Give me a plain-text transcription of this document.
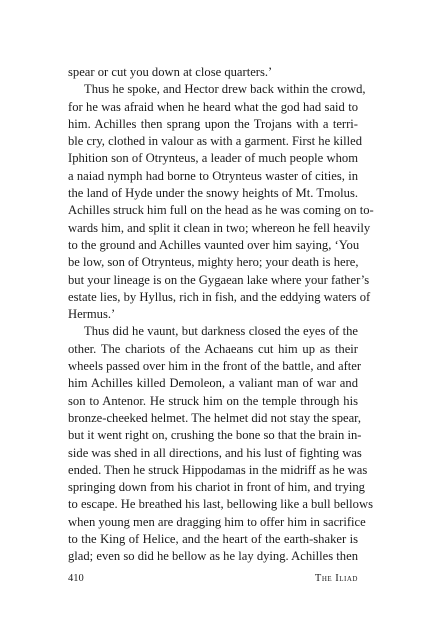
spear or cut you down at close quarters.’
Thus he spoke, and Hector drew back within the crowd,
for he was afraid when he heard what the god had said to
him. Achilles then sprang upon the Trojans with a terri-
ble cry, clothed in valour as with a garment. First he killed
Iphition son of Otrynteus, a leader of much people whom
a naiad nymph had borne to Otrynteus waster of cities, in
the land of Hyde under the snowy heights of Mt. Tmolus.
Achilles struck him full on the head as he was coming on to-
wards him, and split it clean in two; whereon he fell heavily
to the ground and Achilles vaunted over him saying, ‘You
be low, son of Otrynteus, mighty hero; your death is here,
but your lineage is on the Gygaean lake where your father’s
estate lies, by Hyllus, rich in fish, and the eddying waters of
Hermus.’
Thus did he vaunt, but darkness closed the eyes of the
other. The chariots of the Achaeans cut him up as their
wheels passed over him in the front of the battle, and after
him Achilles killed Demoleon, a valiant man of war and
son to Antenor. He struck him on the temple through his
bronze-cheeked helmet. The helmet did not stay the spear,
but it went right on, crushing the bone so that the brain in-
side was shed in all directions, and his lust of fighting was
ended. Then he struck Hippodamas in the midriff as he was
springing down from his chariot in front of him, and trying
to escape. He breathed his last, bellowing like a bull bellows
when young men are dragging him to offer him in sacrifice
to the King of Helice, and the heart of the earth-shaker is
glad; even so did he bellow as he lay dying. Achilles then
410	The Iliad
